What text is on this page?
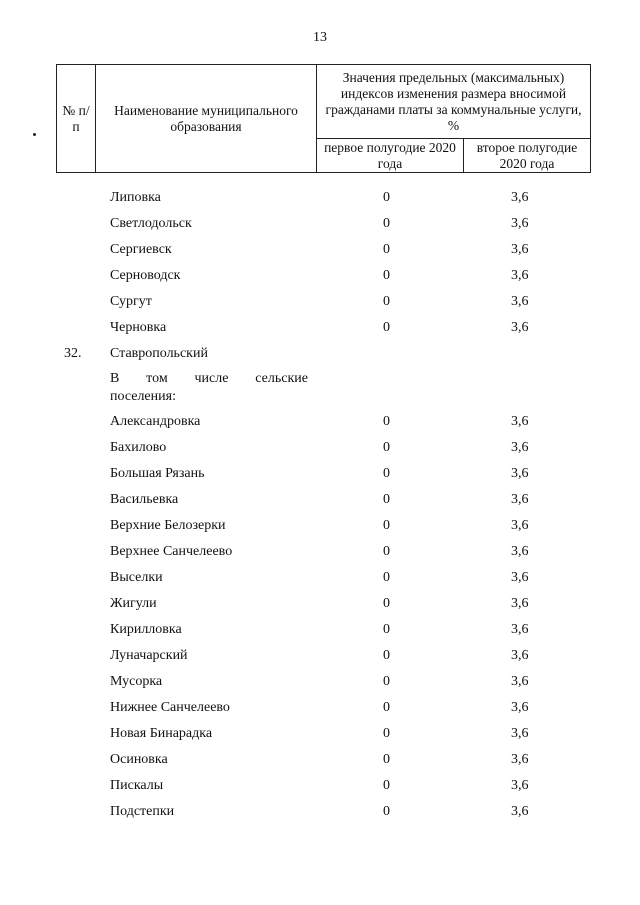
13
№ п/п	Наименование муниципального образования	Значения предельных (максимальных) индексов изменения размера вносимой гражданами платы за коммунальные услуги, %	
		первое полугодие 2020 года	второе полугодие 2020 года
Липовка	0	3,6
Светлодольск	0	3,6
Сергиевск	0	3,6
Серноводск	0	3,6
Сургут	0	3,6
Черновка	0	3,6
32. Ставропольский
В том числе сельские
поселения:
Александровка	0	3,6
Бахилово	0	3,6
Большая Рязань	0	3,6
Васильевка	0	3,6
Верхние Белозерки	0	3,6
Верхнее Санчелеево	0	3,6
Выселки	0	3,6
Жигули	0	3,6
Кирилловка	0	3,6
Луначарский	0	3,6
Мусорка	0	3,6
Нижнее Санчелеево	0	3,6
Новая Бинарадка	0	3,6
Осиновка	0	3,6
Пискалы	0	3,6
Подстепки	0	3,6
